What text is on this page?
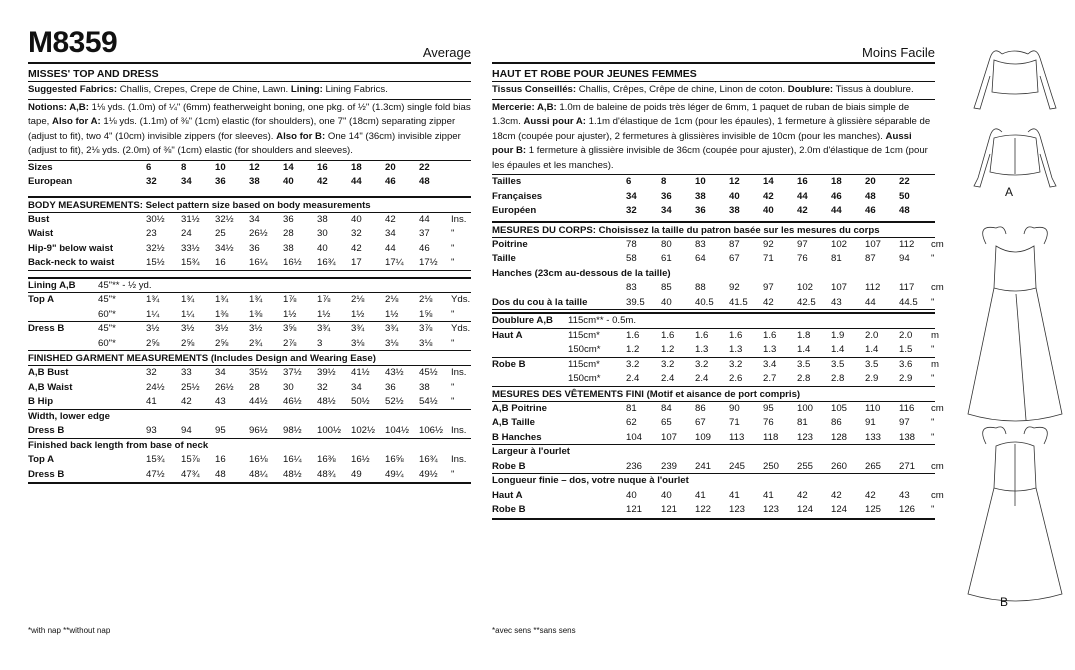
M8359	Average
MISSES' TOP AND DRESS
Suggested Fabrics: Challis, Crepes, Crepe de Chine, Lawn. Lining: Lining Fabrics.
Notions: A,B: 1⅛ yds. (1.0m) of ¼" (6mm) featherweight boning, one pkg. of ½" (1.3cm) single fold bias tape, Also for A: 1⅛ yds. (1.1m) of ⅜" (1cm) elastic (for shoulders), one 7" (18cm) separating zipper (adjust to fit), two 4" (10cm) invisible zippers (for sleeves). Also for B: One 14" (36cm) invisible zipper (adjust to fit), 2⅛ yds. (2.0m) of ⅜" (1cm) elastic (for shoulders and sleeves).
Sizes	6	8	10 12 14 16 18 20 22
European	32	34 36 38 40 42 44 46 48
BODY MEASUREMENTS: Select pattern size based on body measurements
Bust	30½ 31½ 32½ 34 36 38 40 42 44 Ins.
Waist	23	24 25 26½ 28 30 32 34 37 "
Hip-9" below waist	32½ 33½ 34½ 36 38 40 42 44 46 "
Back-neck to waist	15½ 15¾ 16 16¼ 16½ 16¾ 17 17¼ 17½ "
Lining A,B 45"** - ½ yd.
Top A	45"*	1¾ 1¾ 1¾ 1¾ 1⅞ 1⅞ 2⅛ 2⅛ 2⅛ Yds.
60"*	1¼ 1¼ 1⅜ 1⅜ 1½ 1½ 1½ 1½ 1⅝ "
Dress B	45"*	3½ 3½ 3½ 3½ 3⅝ 3¾ 3¾ 3¾ 3⅞ Yds.
60"*	2⅝ 2⅝ 2⅝ 2¾ 2⅞ 3	3⅛ 3⅛ 3⅛ "
FINISHED GARMENT MEASUREMENTS (Includes Design and Wearing Ease)
A,B Bust	32	33 34 35½ 37½ 39½ 41½ 43½ 45½ Ins.
A,B Waist	24½ 25½ 26½ 28 30 32 34 36 38 "
B Hip	41	42 43 44½ 46½ 48½ 50½ 52½ 54½ "
Width, lower edge
Dress B	93	94 95 96½ 98½ 100½ 102½ 104½ 106½ Ins.
Finished back length from base of neck
Top A	15¾ 15⅞ 16 16⅛ 16¼ 16⅜ 16½ 16⅝ 16¾ Ins.
Dress B	47½ 47¾ 48 48¼ 48½ 48¾ 49 49¼ 49½ "
*with nap **without nap
Moins Facile
HAUT ET ROBE POUR JEUNES FEMMES
Tissus Conseillés: Challis, Crêpes, Crêpe de chine, Linon de coton. Doublure: Tissus à doublure.
Mercerie: A,B: 1.0m de baleine de poids très léger de 6mm, 1 paquet de ruban de biais simple de 1.3cm. Aussi pour A: 1.1m d'élastique de 1cm (pour les épaules), 1 fermeture à glissière séparable de 18cm (coupée pour ajuster), 2 fermetures à glissières invisible de 10cm (pour les manches). Aussi pour B: 1 fermeture à glissière invisible de 36cm (coupée pour ajuster), 2.0m d'élastique de 1cm (pour les épaules et les manches).
Tailles	6	8	10 12 14 16 18 20 22
Françaises	34	36 38 40 42 44 46 48 50
Européen	32	34 36 38 40 42 44 46 48
MESURES DU CORPS: Choisissez la taille du patron basée sur les mesures du corps
Poitrine	78	80 83 87 92 97 102 107 112 cm
Taille	58	61 64 67 71 76 81 87 94 "
Hanches (23cm au-dessous de la taille)
83	85 88 92 97 102 107 112 117 cm
Dos du cou à la taille	39.5 40 40.5 41.5 42 42.5 43 44 44.5 "
Doublure A,B 115cm** - 0.5m.
Haut A	115cm*	1.6 1.6 1.6 1.6 1.6 1.8 1.9 2.0 2.0 m
150cm*	1.2 1.2 1.3 1.3 1.3 1.4 1.4 1.4 1.5 "
Robe B	115cm*	3.2 3.2 3.2 3.2 3.4 3.5 3.5 3.5 3.6 m
150cm*	2.4 2.4 2.4 2.6 2.7 2.8 2.8 2.9 2.9 "
MESURES DES VÊTEMENTS FINI (Motif et aisance de port compris)
A,B Poitrine	81	84 86 90 95 100 105 110 116 cm
A,B Taille	62	65 67 71 76 81 86 91 97 "
B Hanches	104 107 109 113 118 123 128 133 138 "
Largeur à l'ourlet
Robe B	236 239 241 245 250 255 260 265 271 cm
Longueur finie – dos, votre nuque à l'ourlet
Haut A	40	40 41 41 41 42 42 42 43 cm
Robe B	121 121 122 123 123 124 124 125 126 "
*avec sens **sans sens
A
B
